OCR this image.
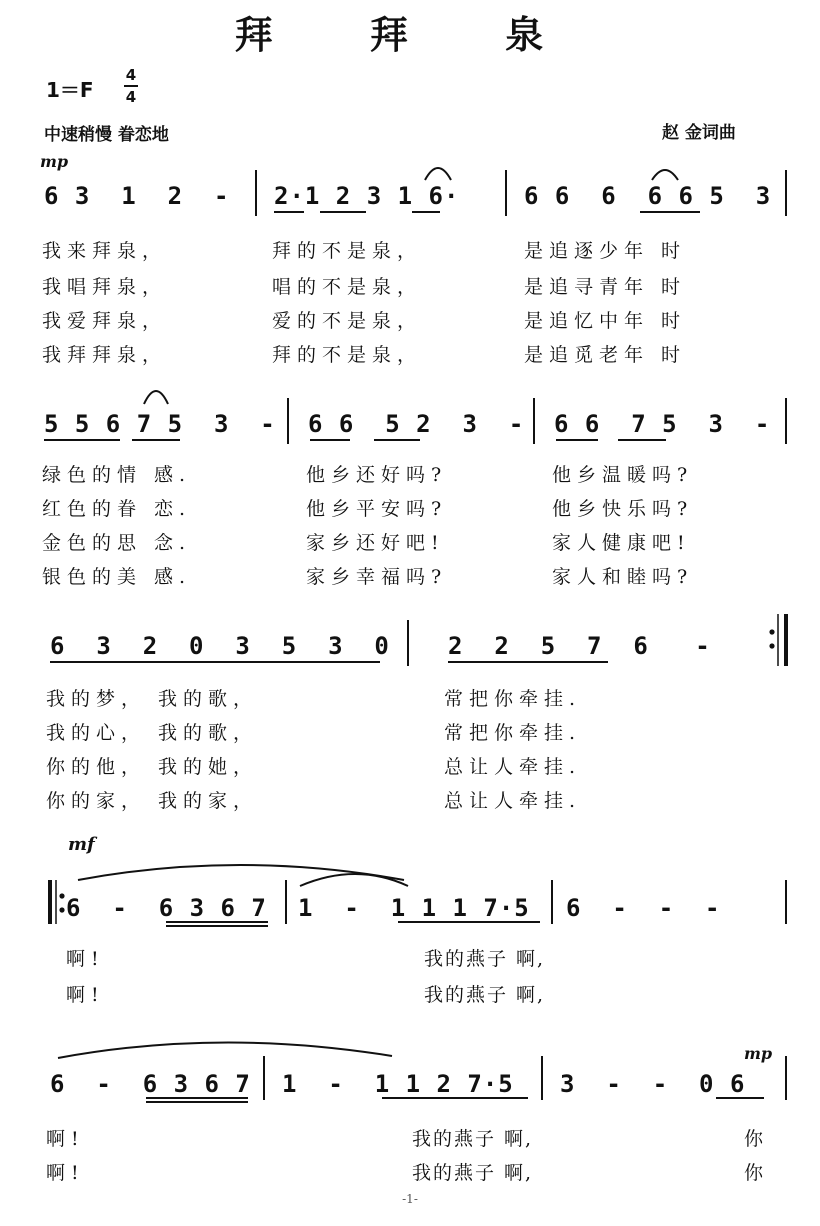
拜 拜 泉
1＝F
4
4
中速稍慢 眷恋地	赵 金词曲
mp
mf
mp
6 3  1  2  - 2·1 2 3 1 6·	6 6  6  6 6 5  3
我来拜泉，	拜的不是泉，	是追逐少年 时
我唱拜泉，	唱的不是泉，	是追寻青年 时
我爱拜泉，	爱的不是泉，	是追忆中年 时
我拜拜泉，	拜的不是泉，	是追觅老年 时
5 5 6 7 5  3  - 6 6  5 2  3  - 6 6  7 5  3  -
绿色的情 感.	他乡还好吗?	他乡温暖吗?
红色的眷 恋.	他乡平安吗?	他乡快乐吗?
金色的思 念.	家乡还好吧!	家人健康吧!
银色的美 感.	家乡幸福吗?	家人和睦吗?
6  3  2  0  3  5  3  0 2  2  5  7  6   -
我的梦， 我的歌，	常把你牵挂.
我的心， 我的歌，	常把你牵挂.
你的他， 我的她，	总让人牵挂.
你的家， 我的家，	总让人牵挂.
6  -  6 3 6 7 1  -  1 1 1 7·5 6  -  -  -
啊!	我的燕子 啊,
啊!	我的燕子 啊,
6  -  6 3 6 7 1  -  1 1 2 7·5 3  -  -  0 6
啊!	我的燕子 啊,	你
啊!	我的燕子 啊,	你
-1-
